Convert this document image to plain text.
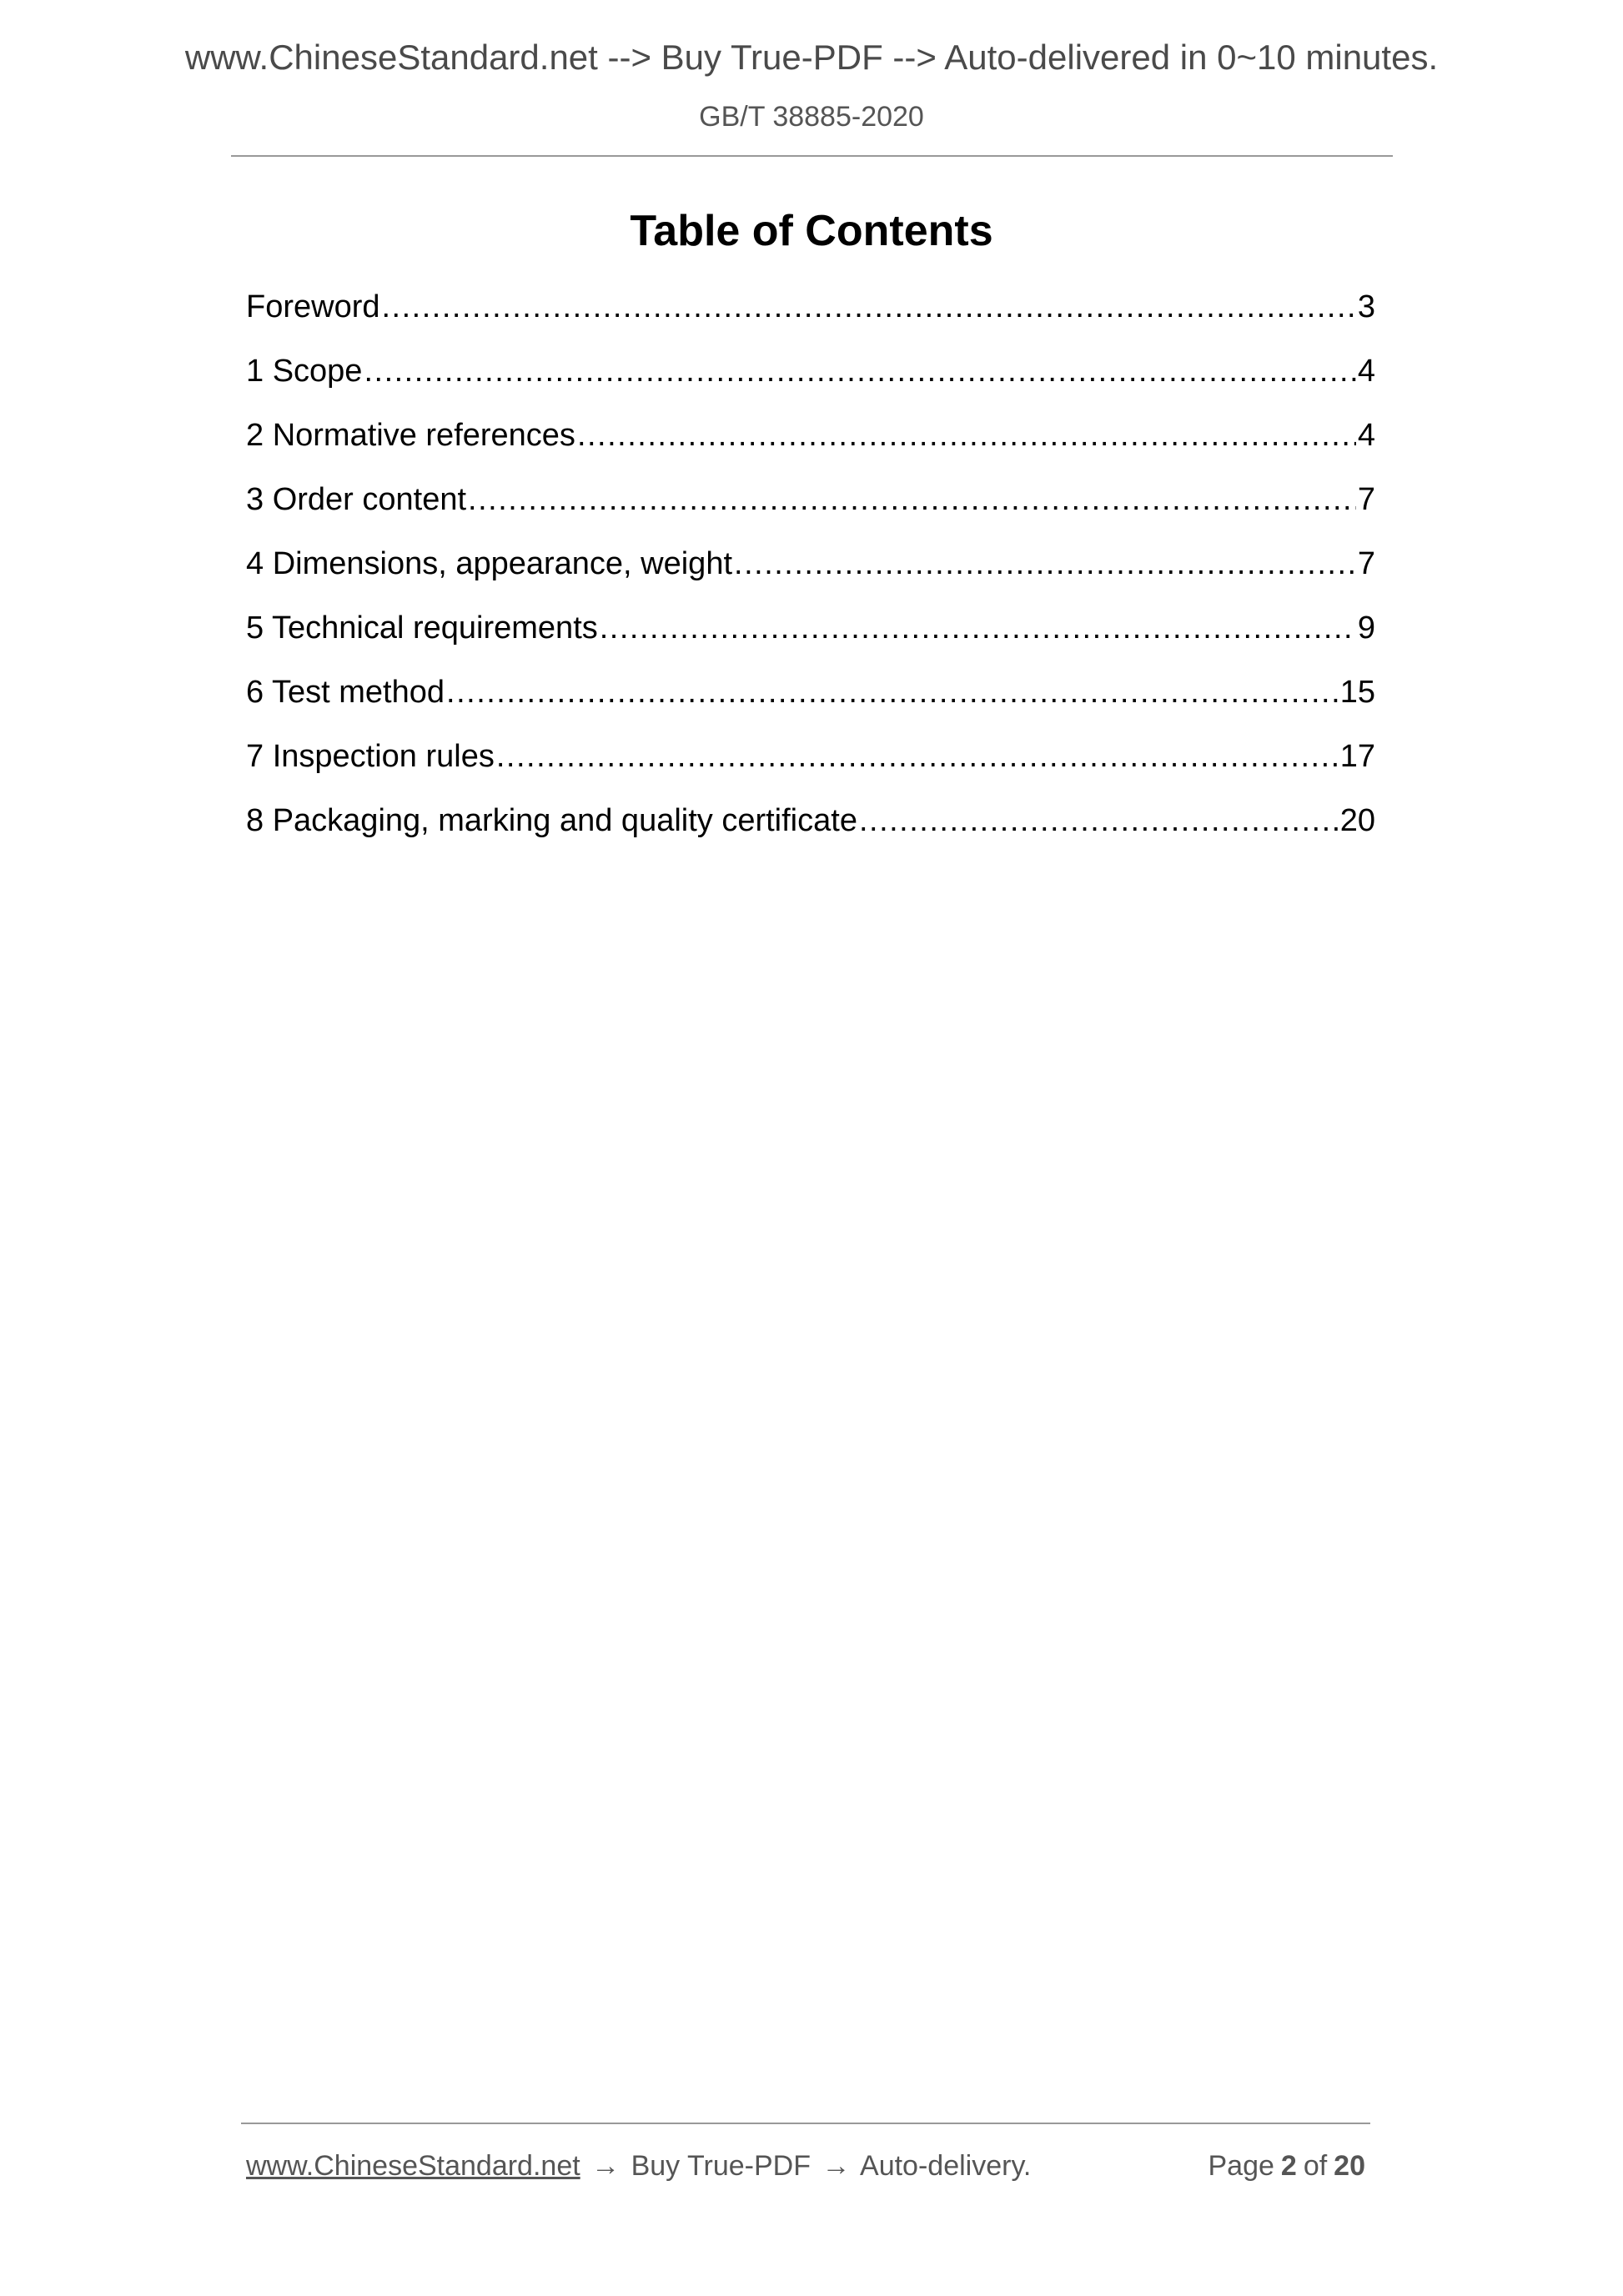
www.ChineseStandard.net --> Buy True-PDF --> Auto-delivered in 0~10 minutes.
GB/T 38885-2020
Table of Contents
Foreword .....	3
1 Scope .....	4
2 Normative references .....	4
3 Order content .....	7
4 Dimensions, appearance, weight .....	7
5 Technical requirements .....	9
6 Test method .....	15
7 Inspection rules .....	17
8 Packaging, marking and quality certificate .....	20
www.ChineseStandard.net → Buy True-PDF → Auto-delivery.	Page 2 of 20
